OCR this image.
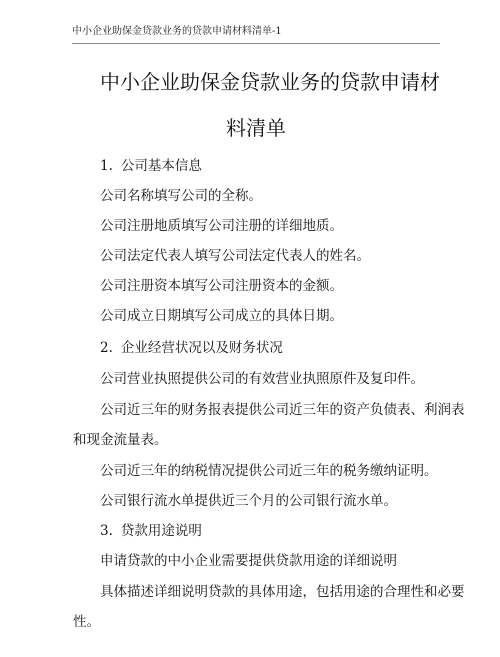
中小企业助保金贷款业务的贷款申请材料清单-1
中小企业助保金贷款业务的贷款申请材
料清单
1. 公司基本信息
公司名称填写公司的全称。
公司注册地质填写公司注册的详细地质。
公司法定代表人填写公司法定代表人的姓名。
公司注册资本填写公司注册资本的金额。
公司成立日期填写公司成立的具体日期。
2. 企业经营状况以及财务状况
公司营业执照提供公司的有效营业执照原件及复印件。
公司近三年的财务报表提供公司近三年的资产负债表、利润表
和现金流量表。
公司近三年的纳税情况提供公司近三年的税务缴纳证明。
公司银行流水单提供近三个月的公司银行流水单。
3. 贷款用途说明
申请贷款的中小企业需要提供贷款用途的详细说明
具体描述详细说明贷款的具体用途，包括用途的合理性和必要
性。
